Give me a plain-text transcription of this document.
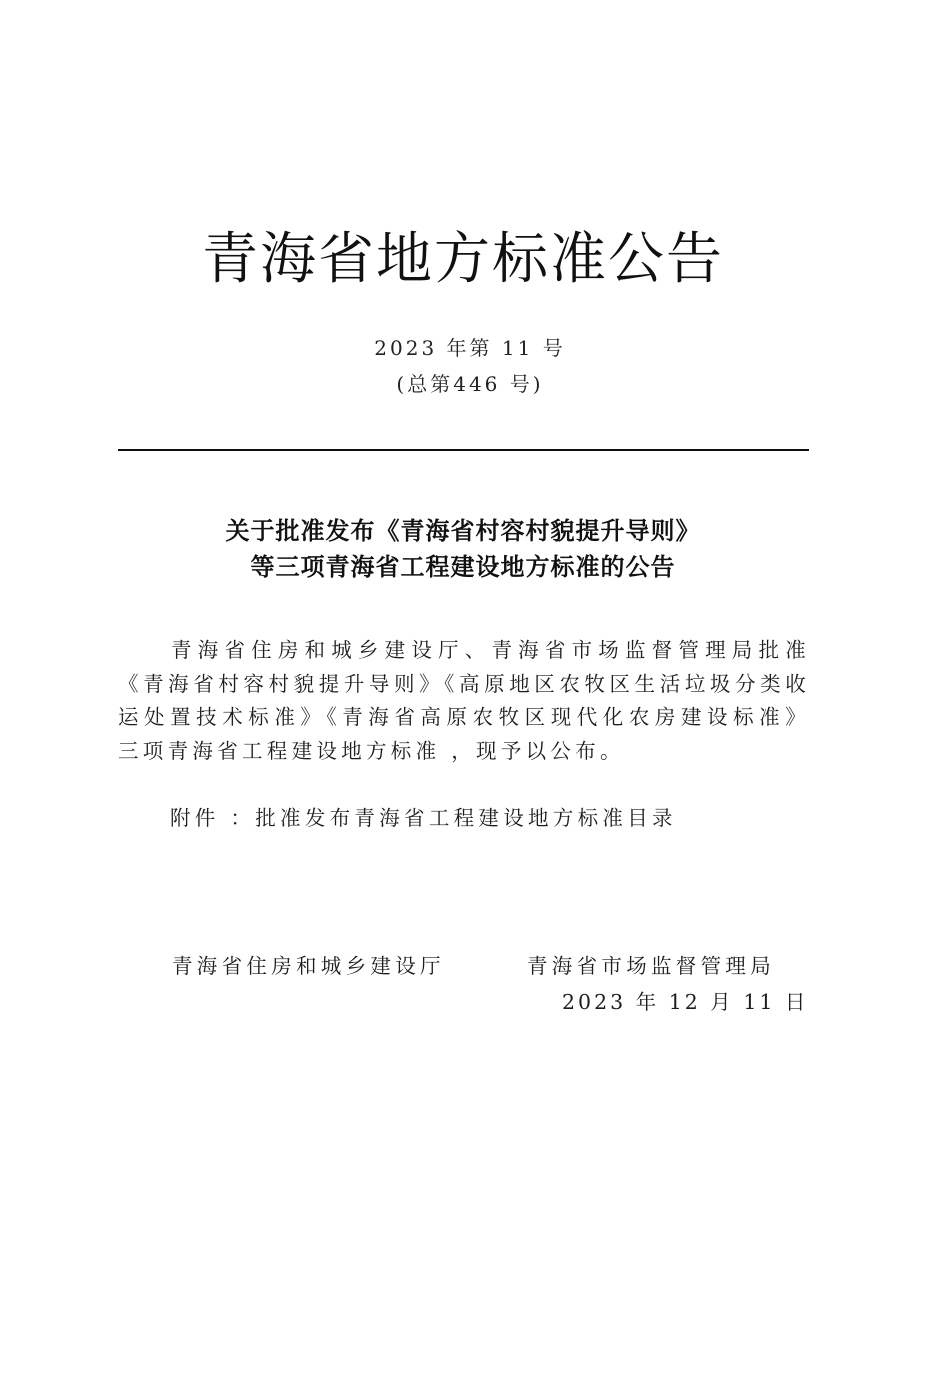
青海省地方标准公告
2023 年第 11 号
(总第446 号)
关于批准发布《青海省村容村貌提升导则》
等三项青海省工程建设地方标准的公告
青海省住房和城乡建设厅、青海省市场监督管理局批准《青海省村容村貌提升导则》《高原地区农牧区生活垃圾分类收运处置技术标准》《青海省高原农牧区现代化农房建设标准》 三项青海省工程建设地方标准 ，现予以公布。
附件 ：批准发布青海省工程建设地方标准目录
青海省住房和城乡建设厅	青海省市场监督管理局
2023 年 12 月 11 日
